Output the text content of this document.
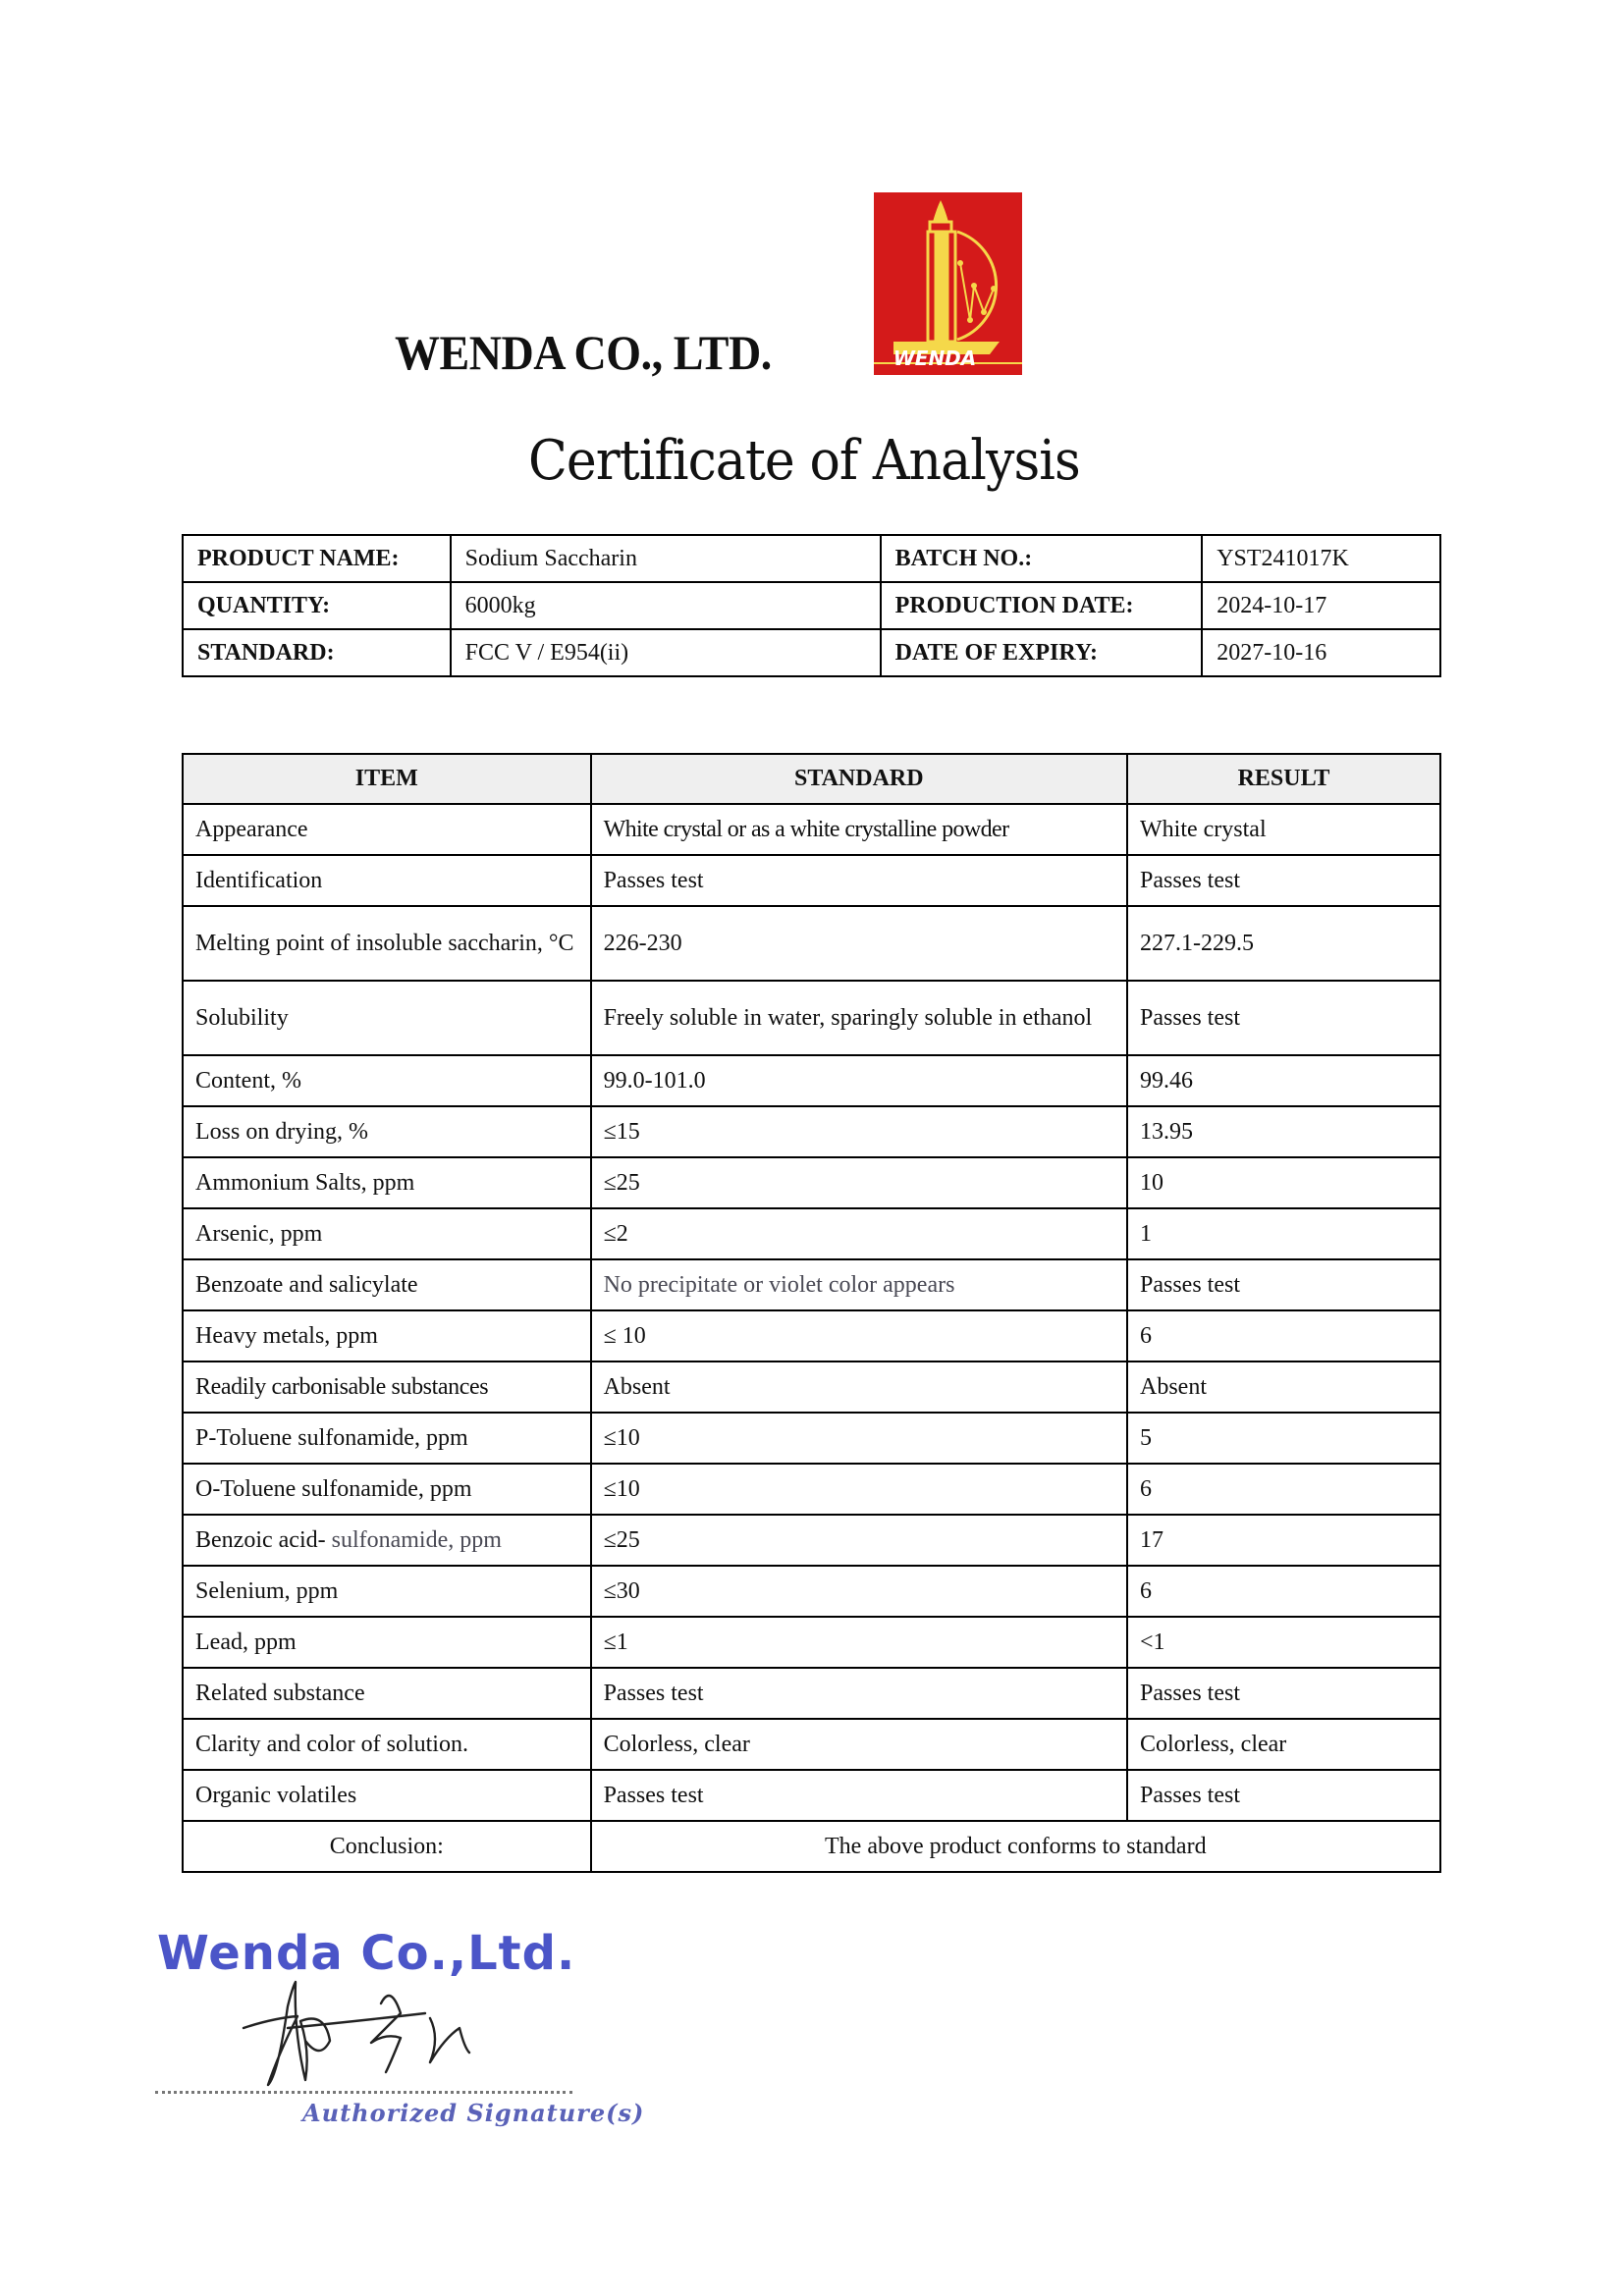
WENDA CO., LTD.	WENDA
Certificate of Analysis
PRODUCT NAME:	Sodium Saccharin	BATCH NO.:	YST241017K
QUANTITY:	6000kg	PRODUCTION DATE:	2024-10-17
STANDARD:	FCC V / E954(ii)	DATE OF EXPIRY:	2027-10-16
ITEM	STANDARD	RESULT
Appearance	White crystal or as a white crystalline powder	White crystal
Identification	Passes test	Passes test
Melting point of insoluble saccharin, °C	226-230	227.1-229.5
Solubility	Freely soluble in water, sparingly soluble in ethanol	Passes test
Content, %	99.0-101.0	99.46
Loss on drying, %	≤15	13.95
Ammonium Salts, ppm	≤25	10
Arsenic, ppm	≤2	1
Benzoate and salicylate	No precipitate or violet color appears	Passes test
Heavy metals, ppm	≤ 10	6
Readily carbonisable substances	Absent	Absent
P-Toluene sulfonamide, ppm	≤10	5
O-Toluene sulfonamide, ppm	≤10	6
Benzoic acid- sulfonamide, ppm	≤25	17
Selenium, ppm	≤30	6
Lead, ppm	≤1	<1
Related substance	Passes test	Passes test
Clarity and color of solution.	Colorless, clear	Colorless, clear
Organic volatiles	Passes test	Passes test
Conclusion:	The above product conforms to standard	
Wenda Co.,Ltd.
Authorized Signature(s)
